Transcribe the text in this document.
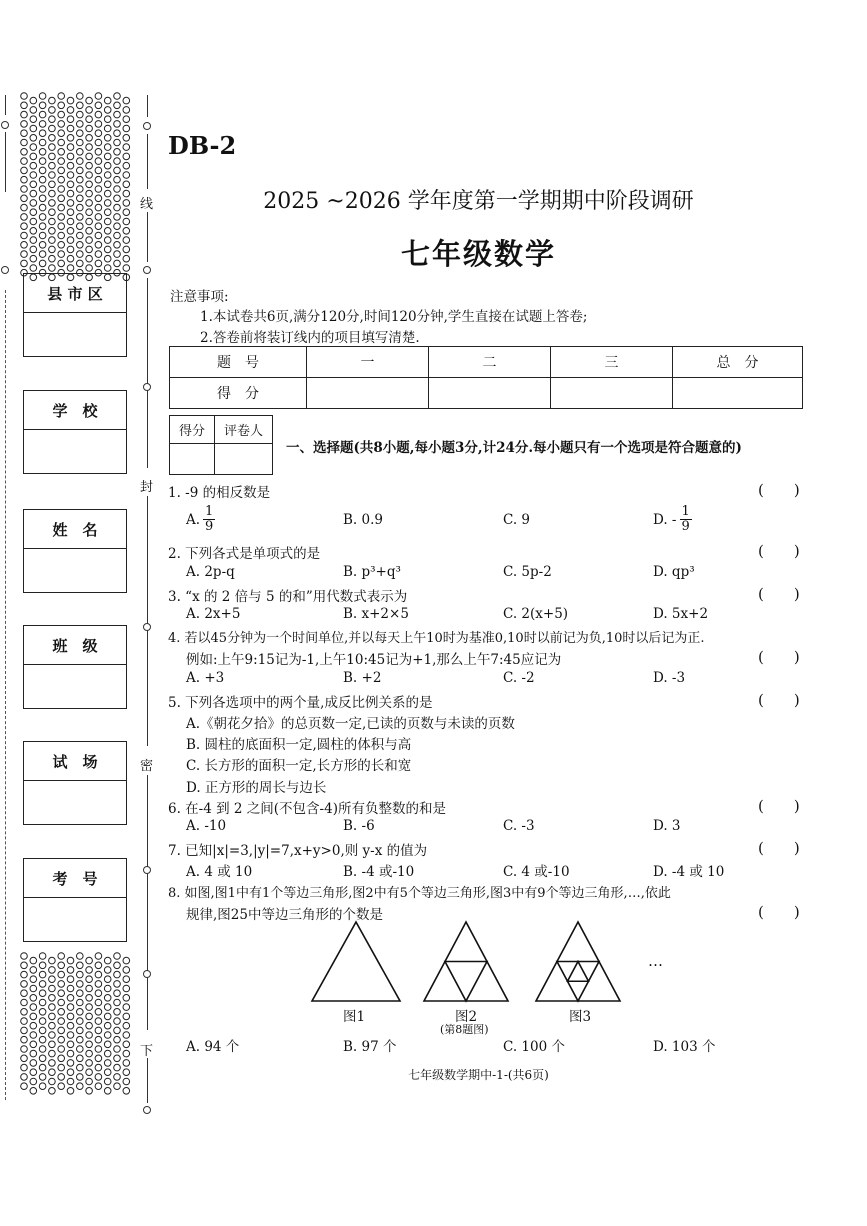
线
封
密
下
县 市 区
学　校
姓　名
班　级
试　场
考　号
DB-2
2025 ~2026 学年度第一学期期中阶段调研
七年级数学
注意事项:
1.本试卷共6页,满分120分,时间120分钟,学生直接在试题上答卷;
2.答卷前将装订线内的项目填写清楚.
题　号	一	二	三	总　分
得　分				
得分	评卷人

一、选择题(共8小题,每小题3分,计24分.每小题只有一个选项是符合题意的)
1. -9 的相反数是	(　　)
A. $\frac{1}{9}$	B. 0.9	C. 9	D. - $\frac{1}{9}$
2. 下列各式是单项式的是	(　　)
A. 2p-q	B. p³+q³	C. 5p-2	D. qp³
3. “x 的 2 倍与 5 的和”用代数式表示为	(　　)
A. 2x+5	B. x+2×5	C. 2(x+5)	D. 5x+2
4. 若以45分钟为一个时间单位,并以每天上午10时为基准0,10时以前记为负,10时以后记为正.
例如:上午9:15记为-1,上午10:45记为+1,那么上午7:45应记为	(　　)
A. +3	B. +2	C. -2	D. -3
5. 下列各选项中的两个量,成反比例关系的是	(　　)
A.《朝花夕拾》的总页数一定,已读的页数与未读的页数
B. 圆柱的底面积一定,圆柱的体积与高
C. 长方形的面积一定,长方形的长和宽
D. 正方形的周长与边长
6. 在-4 到 2 之间(不包含-4)所有负整数的和是	(　　)
A. -10	B. -6	C. -3	D. 3
7. 已知|x|=3,|y|=7,x+y>0,则 y-x 的值为	(　　)
A. 4 或 10	B. -4 或-10	C. 4 或-10	D. -4 或 10
8. 如图,图1中有1个等边三角形,图2中有5个等边三角形,图3中有9个等边三角形,…,依此
规律,图25中等边三角形的个数是	(　　)
…
图1	图2	图3
(第8题图)
A. 94 个	B. 97 个	C. 100 个	D. 103 个
七年级数学期中-1-(共6页)
